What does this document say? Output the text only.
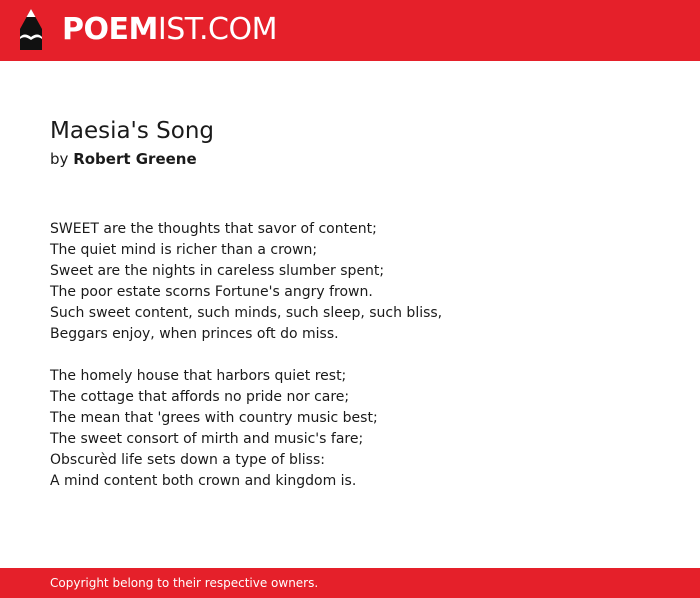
POEMIST.COM
Maesia's Song
by Robert Greene
SWEET are the thoughts that savor of content;
The quiet mind is richer than a crown;
Sweet are the nights in careless slumber spent;
The poor estate scorns Fortune's angry frown.
Such sweet content, such minds, such sleep, such bliss,
Beggars enjoy, when princes oft do miss.
The homely house that harbors quiet rest;
The cottage that affords no pride nor care;
The mean that 'grees with country music best;
The sweet consort of mirth and music's fare;
Obscurèd life sets down a type of bliss:
A mind content both crown and kingdom is.
Copyright belong to their respective owners.
